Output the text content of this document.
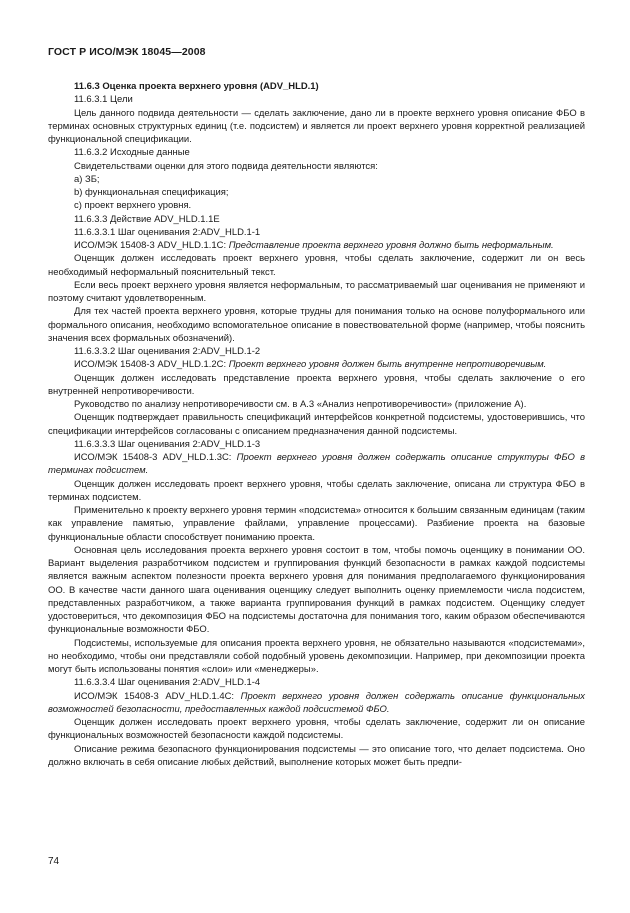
ГОСТ Р ИСО/МЭК 18045—2008

11.6.3 Оценка проекта верхнего уровня (ADV_HLD.1)

11.6.3.1 Цели

Цель данного подвида деятельности — сделать заключение, дано ли в проекте верхнего уровня описание ФБО в терминах основных структурных единиц (т.е. подсистем) и является ли проект верхнего уровня корректной реализацией функциональной спецификации.

11.6.3.2 Исходные данные

Свидетельствами оценки для этого подвида деятельности являются:

a) ЗБ;

b) функциональная спецификация;

c) проект верхнего уровня.

11.6.3.3 Действие ADV_HLD.1.1Е

11.6.3.3.1 Шаг оценивания 2:ADV_HLD.1-1

ИСО/МЭК 15408-3 ADV_HLD.1.1C: Представление проекта верхнего уровня должно быть неформальным.

Оценщик должен исследовать проект верхнего уровня, чтобы сделать заключение, содержит ли он весь необходимый неформальный пояснительный текст.

Если весь проект верхнего уровня является неформальным, то рассматриваемый шаг оценивания не применяют и поэтому считают удовлетворенным.

Для тех частей проекта верхнего уровня, которые трудны для понимания только на основе полуформального или формального описания, необходимо вспомогательное описание в повествовательной форме (например, чтобы пояснить значения всех формальных обозначений).

11.6.3.3.2 Шаг оценивания 2:ADV_HLD.1-2

ИСО/МЭК 15408-3 ADV_HLD.1.2C: Проект верхнего уровня должен быть внутренне непротиворечивым.

Оценщик должен исследовать представление проекта верхнего уровня, чтобы сделать заключение о его внутренней непротиворечивости.

Руководство по анализу непротиворечивости см. в А.3 «Анализ непротиворечивости» (приложение А).

Оценщик подтверждает правильность спецификаций интерфейсов конкретной подсистемы, удостоверившись, что спецификации интерфейсов согласованы с описанием предназначения данной подсистемы.

11.6.3.3.3 Шаг оценивания 2:ADV_HLD.1-3

ИСО/МЭК 15408-3 ADV_HLD.1.3C: Проект верхнего уровня должен содержать описание структуры ФБО в терминах подсистем.

Оценщик должен исследовать проект верхнего уровня, чтобы сделать заключение, описана ли структура ФБО в терминах подсистем.

Применительно к проекту верхнего уровня термин «подсистема» относится к большим связанным единицам (таким как управление памятью, управление файлами, управление процессами). Разбиение проекта на базовые функциональные области способствует пониманию проекта.

Основная цель исследования проекта верхнего уровня состоит в том, чтобы помочь оценщику в понимании ОО. Вариант выделения разработчиком подсистем и группирования функций безопасности в рамках каждой подсистемы является важным аспектом полезности проекта верхнего уровня для понимания предполагаемого функционирования ОО. В качестве части данного шага оценивания оценщику следует выполнить оценку приемлемости числа подсистем, представленных разработчиком, а также варианта группирования функций в рамках подсистем. Оценщику следует удостовериться, что декомпозиция ФБО на подсистемы достаточна для понимания того, каким образом обеспечиваются функциональные возможности ФБО.

Подсистемы, используемые для описания проекта верхнего уровня, не обязательно называются «подсистемами», но необходимо, чтобы они представляли собой подобный уровень декомпозиции. Например, при декомпозиции проекта могут быть использованы понятия «слои» или «менеджеры».

11.6.3.3.4 Шаг оценивания 2:ADV_HLD.1-4

ИСО/МЭК 15408-3 ADV_HLD.1.4C: Проект верхнего уровня должен содержать описание функциональных возможностей безопасности, предоставленных каждой подсистемой ФБО.

Оценщик должен исследовать проект верхнего уровня, чтобы сделать заключение, содержит ли он описание функциональных возможностей безопасности каждой подсистемы.

Описание режима безопасного функционирования подсистемы — это описание того, что делает подсистема. Оно должно включать в себя описание любых действий, выполнение которых может быть предпи-

74
